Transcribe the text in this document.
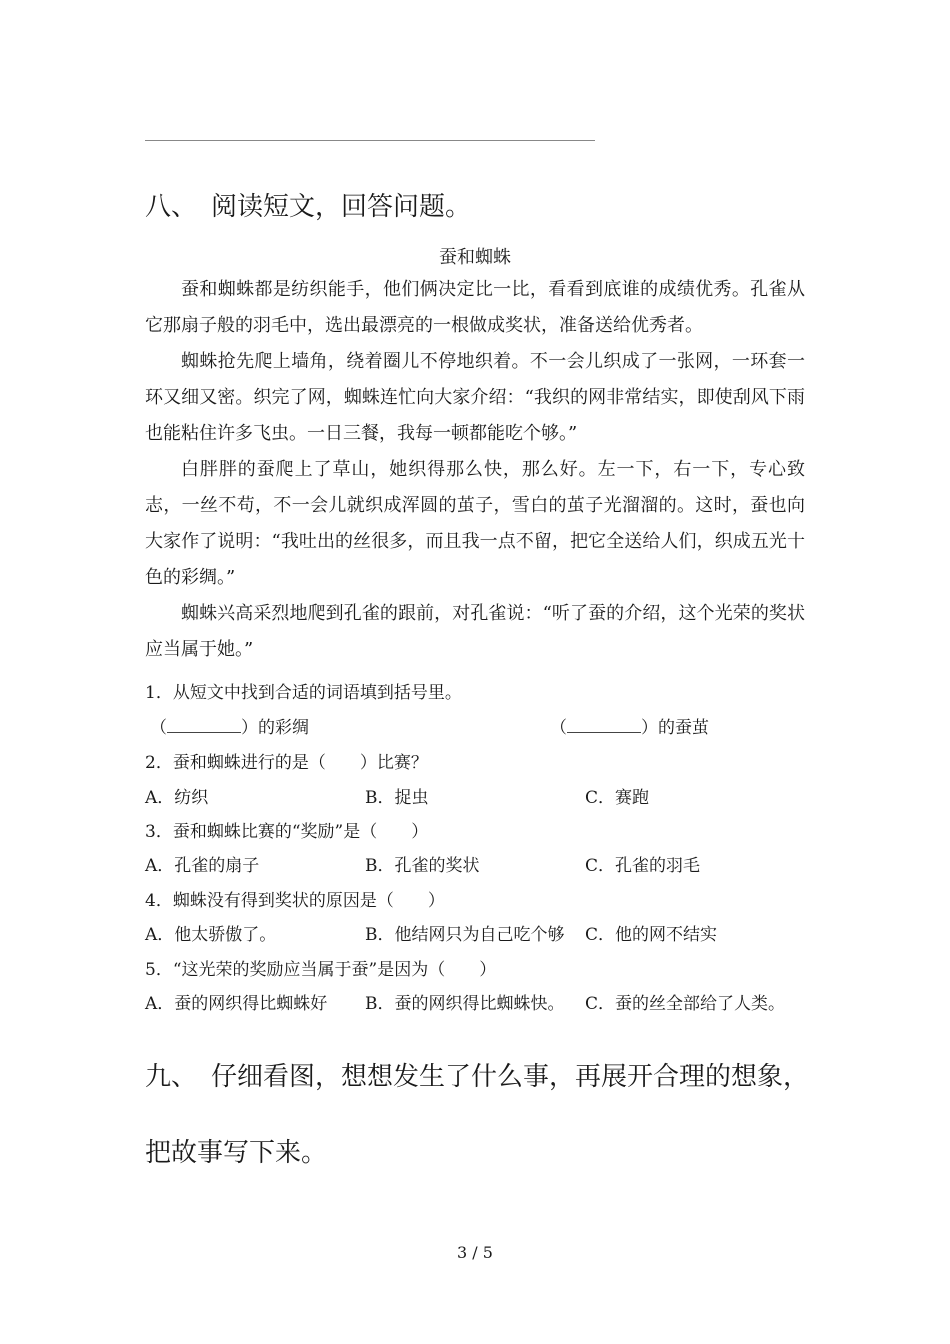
八、 阅读短文，回答问题。
蚕和蜘蛛

蚕和蜘蛛都是纺织能手，他们俩决定比一比，看看到底谁的成绩优秀。孔雀从它那扇子般的羽毛中，选出最漂亮的一根做成奖状，准备送给优秀者。

蜘蛛抢先爬上墙角，绕着圈儿不停地织着。不一会儿织成了一张网，一环套一环又细又密。织完了网，蜘蛛连忙向大家介绍：“我织的网非常结实，即使刮风下雨也能粘住许多飞虫。一日三餐，我每一顿都能吃个够。”

白胖胖的蚕爬上了草山，她织得那么快，那么好。左一下，右一下，专心致志，一丝不苟，不一会儿就织成浑圆的茧子，雪白的茧子光溜溜的。这时，蚕也向大家作了说明：“我吐出的丝很多，而且我一点不留，把它全送给人们，织成五光十色的彩绸。”

蜘蛛兴高采烈地爬到孔雀的跟前，对孔雀说：“听了蚕的介绍，这个光荣的奖状应当属于她。”

1．从短文中找到合适的词语填到括号里。
（	）的彩绸	（	）的蚕茧
2．蚕和蜘蛛进行的是（　　）比赛？
A．纺织	B．捉虫	C．赛跑
3．蚕和蜘蛛比赛的“奖励”是（　　）
A．孔雀的扇子	B．孔雀的奖状	C．孔雀的羽毛
4．蜘蛛没有得到奖状的原因是（　　）
A．他太骄傲了。	B．他结网只为自己吃个够 C．他的网不结实
5．“这光荣的奖励应当属于蚕”是因为（　　）
A．蚕的网织得比蜘蛛好 B．蚕的网织得比蜘蛛快。 C．蚕的丝全部给了人类。
九、 仔细看图，想想发生了什么事，再展开合理的想象，
把故事写下来。
3 / 5
